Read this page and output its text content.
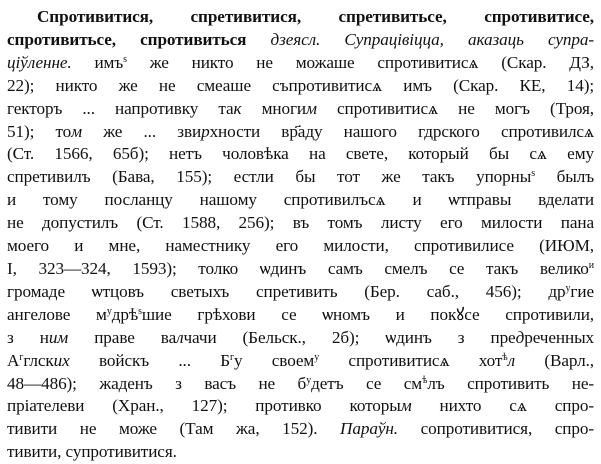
Спротивитися, спретивитися, спретивитьсе, спротивитисе,
спротивитьсе, спротивиться дзеясл. Супрацівіцца, аказаць супра-
ціўленне. имъ$^s$ же никто не можаше спротивитисѧ (Скар. ДЗ,
22); никто же не смеаше съпротивитисѧ имъ (Скар. КЕ, 14);
гекторъ ... напротивку так многим спротивитисѧ не могъ (Троя,
51); том же ... звирхности вр҃аду нашого гдрского спротивилсѧ
(Ст. 1566, 65б); нетъ чоловѣка на свете, который бы сѧ ему
спретивилъ (Бава, 155); естли бы тот же такъ упорны$^s$ былъ
и тому посланцу нашому спротивилъсѧ и ѡтправы вделати
не допустилъ (Ст. 1588, 256); въ томъ листу его милости пана
моего и мне, наместнику его милости, спротивилисе (ИЮМ,
I, 323—324, 1593); толко ѡдинъ самъ смелъ се такъ велико$^и$
громаде ѡтцовъ светыхъ спретивить (Бер. саб., 456); $др^угие$
ангелове $м^удрѣ^sшие$ грѣхови се ѡномъ и покꙋсе спротивили,
з ним праве валчачи (Бельск., 2б); ѡдинъ з предреченных
$А^гглских$ войскъ ... $Б^гу$ своем$^у$ спротивитисѧ хот$^ѣ$л (Варл.,
48—486); жаденъ з васъ не $б^удетъ$ се $см^ѣлъ$ спротивить не-
пріателеви (Хран., 127); противко которым нихто сѧ спро-
тивити не може (Там жа, 152). Параўн. сопротивитися, спро-
тивити, супротивитися.
